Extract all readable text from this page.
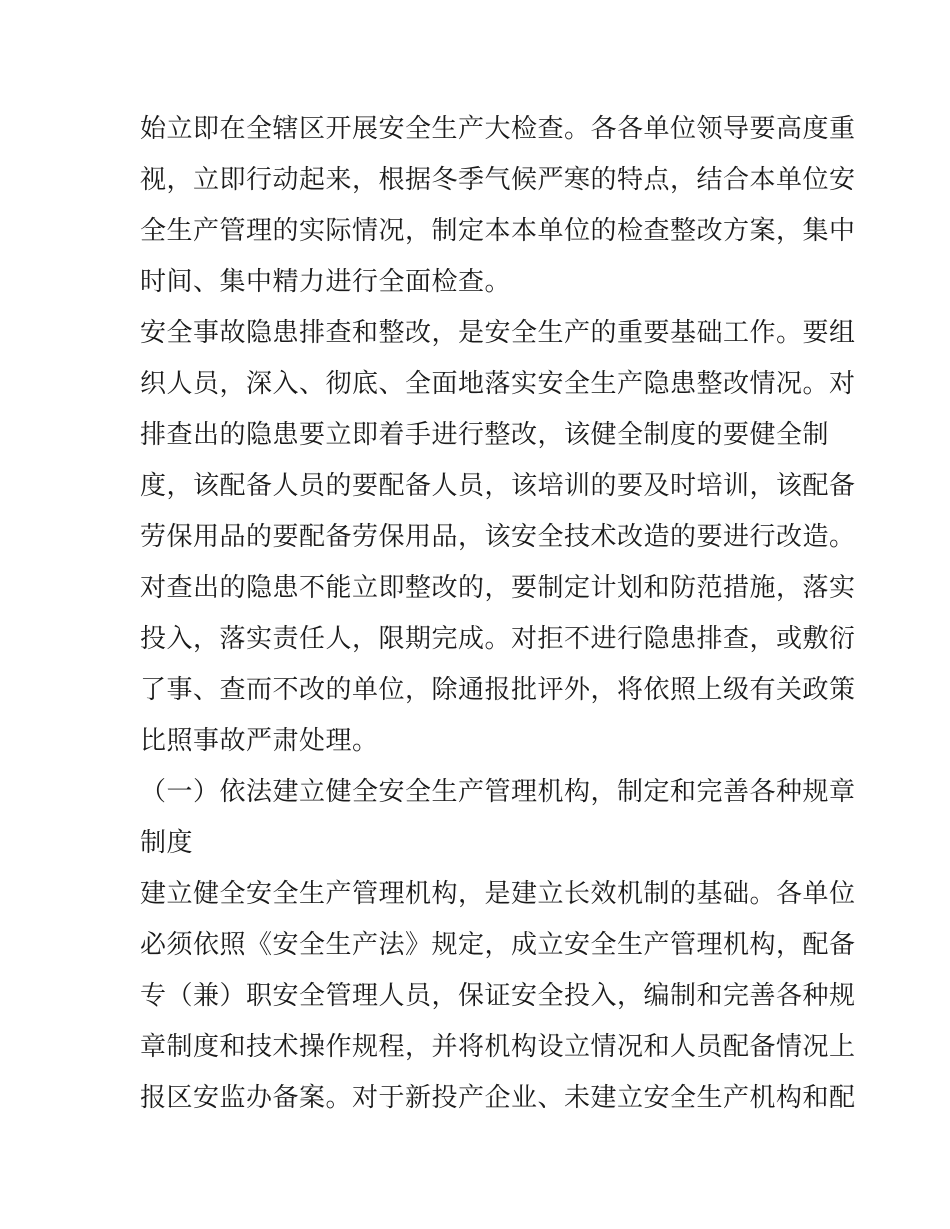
始立即在全辖区开展安全生产大检查。各各单位领导要高度重
视，立即行动起来，根据冬季气候严寒的特点，结合本单位安
全生产管理的实际情况，制定本本单位的检查整改方案，集中
时间、集中精力进行全面检查。
安全事故隐患排查和整改，是安全生产的重要基础工作。要组
织人员，深入、彻底、全面地落实安全生产隐患整改情况。对
排查出的隐患要立即着手进行整改，该健全制度的要健全制
度，该配备人员的要配备人员，该培训的要及时培训，该配备
劳保用品的要配备劳保用品，该安全技术改造的要进行改造。
对查出的隐患不能立即整改的，要制定计划和防范措施，落实
投入，落实责任人，限期完成。对拒不进行隐患排查，或敷衍
了事、查而不改的单位，除通报批评外，将依照上级有关政策
比照事故严肃处理。
（一）依法建立健全安全生产管理机构，制定和完善各种规章
制度
建立健全安全生产管理机构，是建立长效机制的基础。各单位
必须依照《安全生产法》规定，成立安全生产管理机构，配备
专（兼）职安全管理人员，保证安全投入，编制和完善各种规
章制度和技术操作规程，并将机构设立情况和人员配备情况上
报区安监办备案。对于新投产企业、未建立安全生产机构和配
